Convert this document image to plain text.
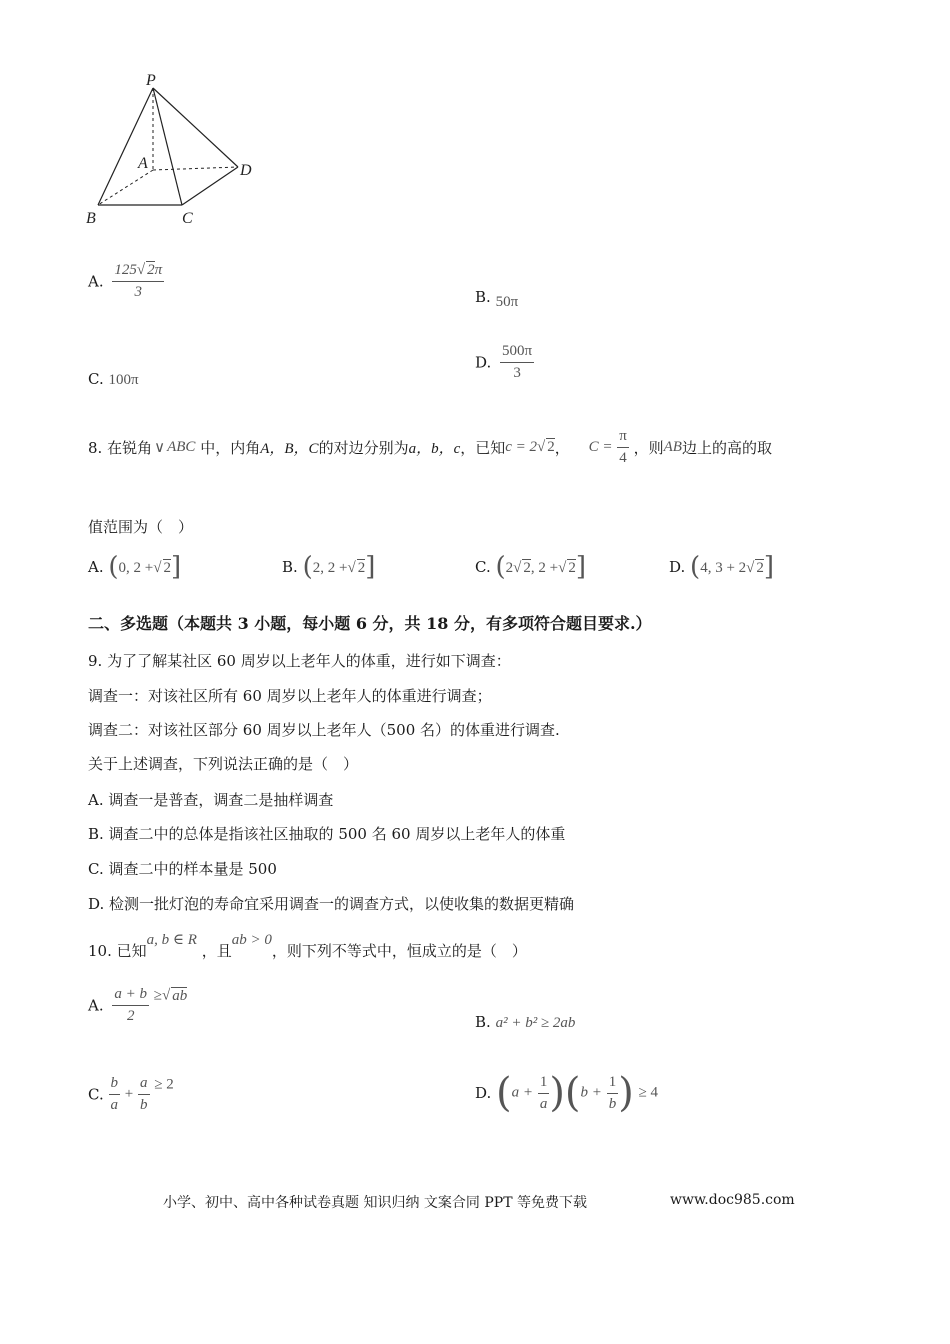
P
A
B	C
D
A. $\frac{125√ 2\pi}{3}$	B. 50π
C. 100π
D. $\frac{500\pi}{3}$
8. 在锐角 ∨ ABC 中，内角A，B，C的对边分别为a，b，c，已知c = 2√ 2， $C = \frac{\pi}{4}$ ，则AB边上的高的取
值范围为（　）
A. (0, 2 +√ 2]	B. (2, 2 +√ 2]	C. (2√ 2, 2 +√ 2]	D. (4, 3 + 2√ 2]
二、多选题（本题共 3 小题，每小题 6 分，共 18 分，有多项符合题目要求.）
9. 为了了解某社区 60 周岁以上老年人的体重，进行如下调查：
调查一：对该社区所有 60 周岁以上老年人的体重进行调查；
调查二：对该社区部分 60 周岁以上老年人（500 名）的体重进行调查.
关于上述调查，下列说法正确的是（　）
A. 调查一是普查，调查二是抽样调查
B. 调查二中的总体是指该社区抽取的 500 名 60 周岁以上老年人的体重
C. 调查二中的样本量是 500
D. 检测一批灯泡的寿命宜采用调查一的调查方式，以使收集的数据更精确
10. 已知a, b ∈ R ，且ab > 0，则下列不等式中，恒成立的是（　）
A. $\frac{a + b}{2}$ ≥√ ab
B. a² + b² ≥ 2ab
C. $\frac{b}{a} + \frac{a}{b} \ge 2$	D. $(a + \frac{1}{a} )(b + \frac{1}{b}$ ) ≥ 4
小学、初中、高中各种试卷真题 知识归纳 文案合同 PPT 等免费下载	www.doc985.com
